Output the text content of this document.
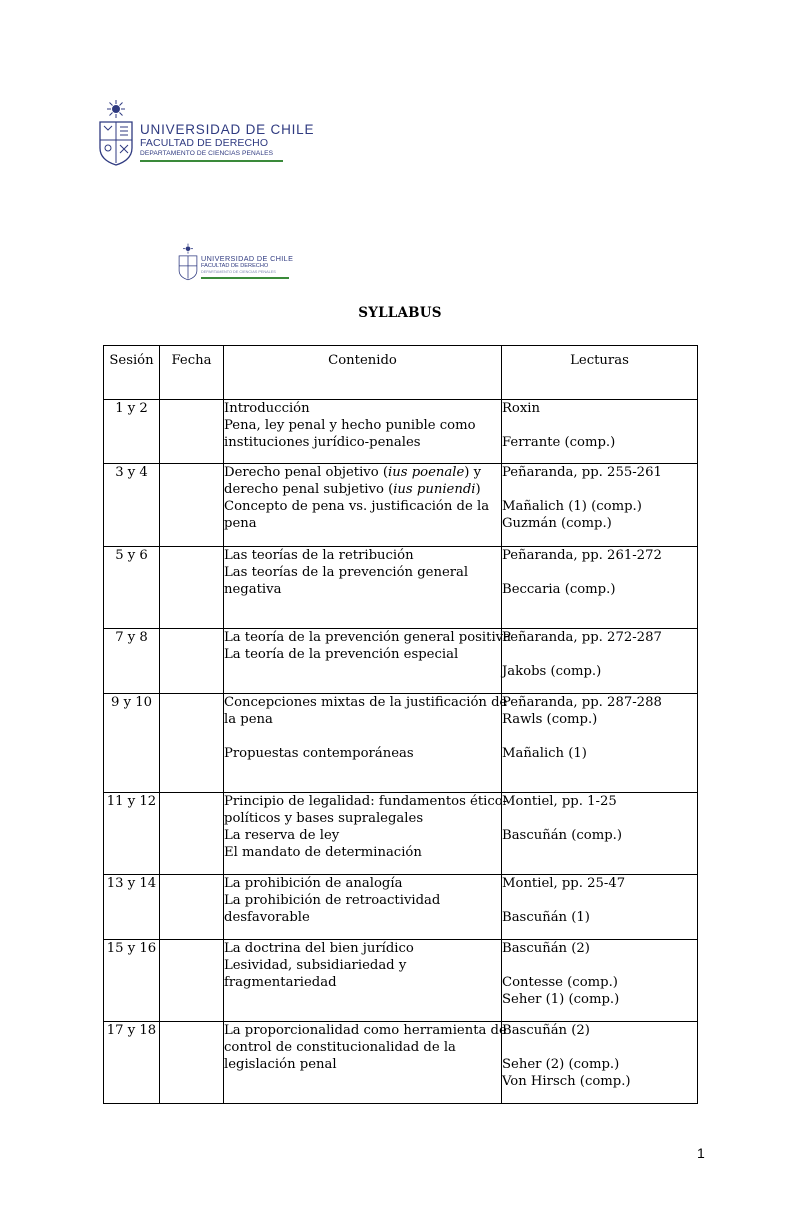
UNIVERSIDAD DE CHILE
FACULTAD DE DERECHO
DEPARTAMENTO DE CIENCIAS PENALES
UNIVERSIDAD DE CHILE
FACULTAD DE DERECHO
DEPARTAMENTO DE CIENCIAS PENALES
SYLLABUS
Sesión	Fecha	Contenido	Lecturas
1 y 2		Introducción
Pena, ley penal y hecho punible como
instituciones jurídico-penales	Roxin
Ferrante (comp.)

3 y 4		Derecho penal objetivo (ius poenale) y
derecho penal subjetivo (ius puniendi)
Concepto de pena vs. justificación de la
pena	Peñaranda, pp. 255-261
Mañalich (1) (comp.)
Guzmán (comp.)

5 y 6		Las teorías de la retribución
Las teorías de la prevención general
negativa	Peñaranda, pp. 261-272
Beccaria (comp.)

7 y 8		La teoría de la prevención general positiva
La teoría de la prevención especial	Peñaranda, pp. 272-287
Jakobs (comp.)

9 y 10		Concepciones mixtas de la justificación de
la pena
Propuestas contemporáneas	Peñaranda, pp. 287-288
Rawls (comp.)
Mañalich (1)

11 y 12		Principio de legalidad: fundamentos ético-
políticos y bases supralegales
La reserva de ley
El mandato de determinación	Montiel, pp. 1-25
Bascuñán (comp.)

13 y 14		La prohibición de analogía
La prohibición de retroactividad
desfavorable	Montiel, pp. 25-47
Bascuñán (1)

15 y 16		La doctrina del bien jurídico
Lesividad, subsidiariedad y
fragmentariedad	Bascuñán (2)
Contesse (comp.)
Seher (1) (comp.)

17 y 18		La proporcionalidad como herramienta de
control de constitucionalidad de la
legislación penal	Bascuñán (2)
Seher (2) (comp.)
Von Hirsch (comp.)
1
